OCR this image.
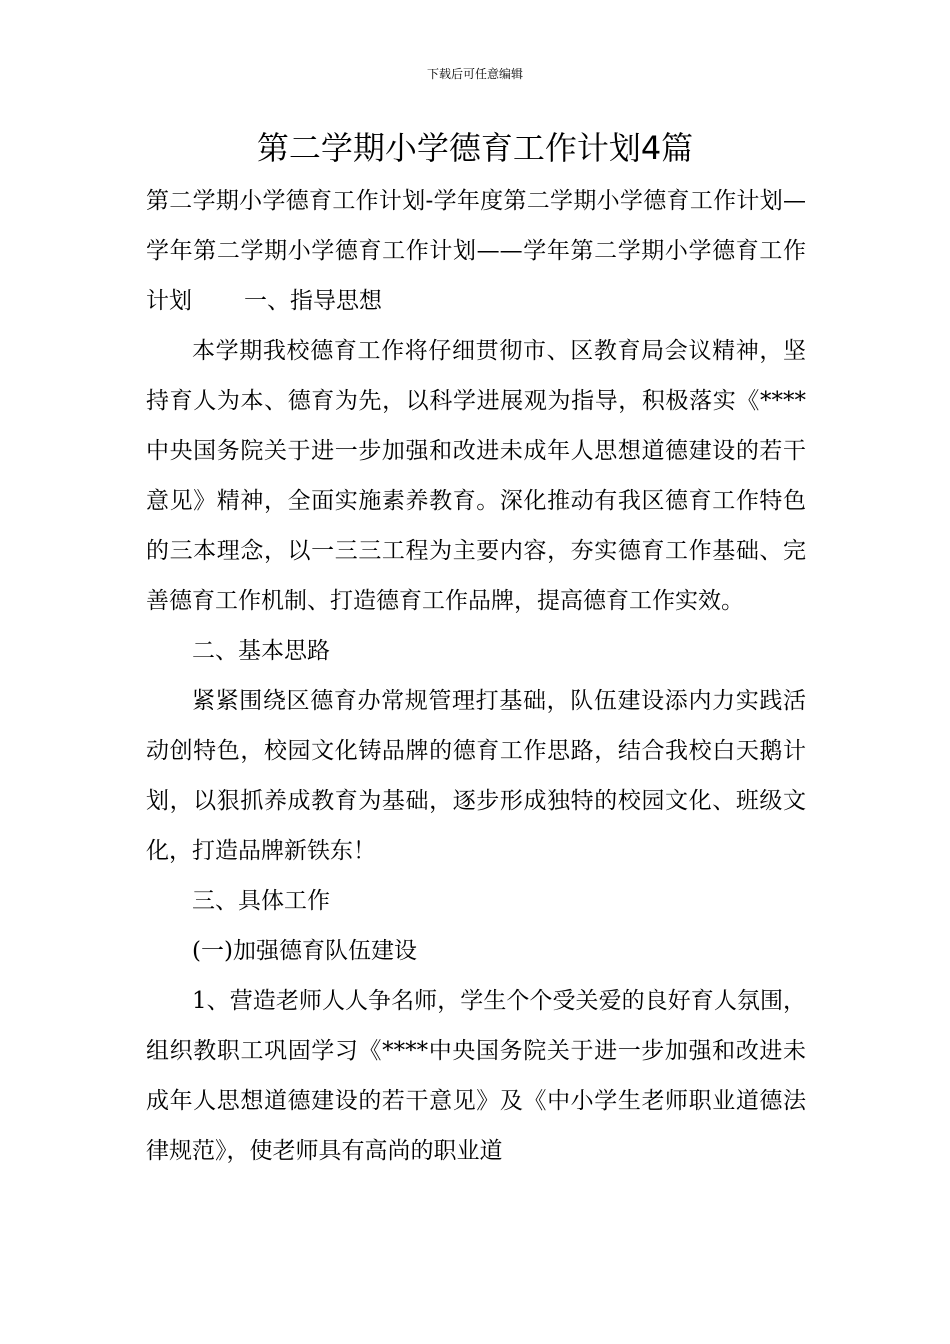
下载后可任意编辑
第二学期小学德育工作计划4篇

第二学期小学德育工作计划-学年度第二学期小学德育工作计划—学年第二学期小学德育工作计划——学年第二学期小学德育工作计划 一、指导思想

本学期我校德育工作将仔细贯彻市、区教育局会议精神，坚持育人为本、德育为先，以科学进展观为指导，积极落实《****中央国务院关于进一步加强和改进未成年人思想道德建设的若干意见》精神，全面实施素养教育。深化推动有我区德育工作特色的三本理念，以一三三工程为主要内容，夯实德育工作基础、完善德育工作机制、打造德育工作品牌，提高德育工作实效。

二、基本思路

紧紧围绕区德育办常规管理打基础，队伍建设添内力实践活动创特色，校园文化铸品牌的德育工作思路，结合我校白天鹅计划，以狠抓养成教育为基础，逐步形成独特的校园文化、班级文化，打造品牌新铁东！

三、具体工作

(一)加强德育队伍建设

1、营造老师人人争名师，学生个个受关爱的良好育人氛围，组织教职工巩固学习《****中央国务院关于进一步加强和改进未成年人思想道德建设的若干意见》及《中小学生老师职业道德法律规范》，使老师具有高尚的职业道
